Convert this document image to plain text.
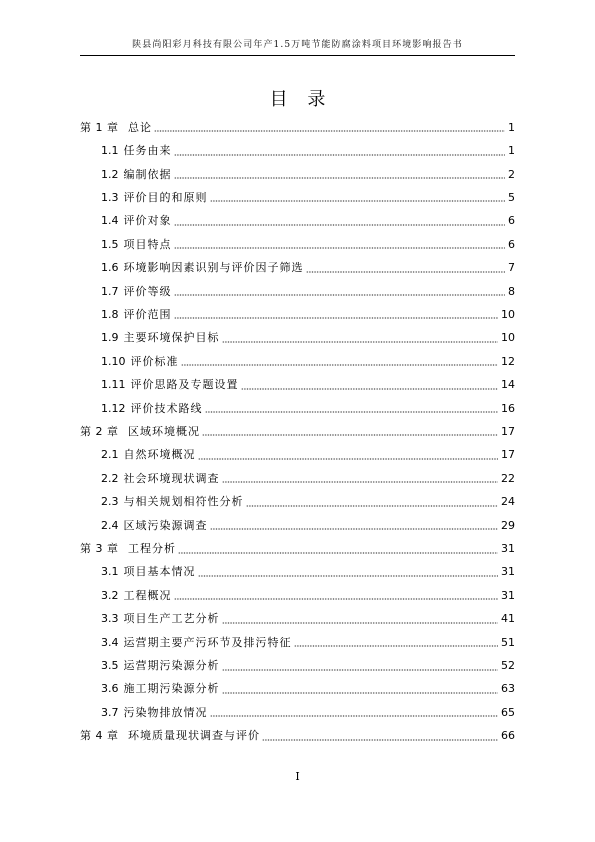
陕县尚阳彩月科技有限公司年产1.5万吨节能防腐涂料项目环境影响报告书
目 录
第 1 章 总论	1
1.1 任务由来	1
1.2 编制依据	2
1.3 评价目的和原则	5
1.4 评价对象	6
1.5 项目特点	6
1.6 环境影响因素识别与评价因子筛选	7
1.7 评价等级	8
1.8 评价范围	10
1.9 主要环境保护目标	10
1.10 评价标准	12
1.11 评价思路及专题设置	14
1.12 评价技术路线	16
第 2 章 区域环境概况	17
2.1 自然环境概况	17
2.2 社会环境现状调查	22
2.3 与相关规划相符性分析	24
2.4 区域污染源调查	29
第 3 章 工程分析	31
3.1 项目基本情况	31
3.2 工程概况	31
3.3 项目生产工艺分析	41
3.4 运营期主要产污环节及排污特征	51
3.5 运营期污染源分析	52
3.6 施工期污染源分析	63
3.7 污染物排放情况	65
第 4 章 环境质量现状调查与评价	66
I
